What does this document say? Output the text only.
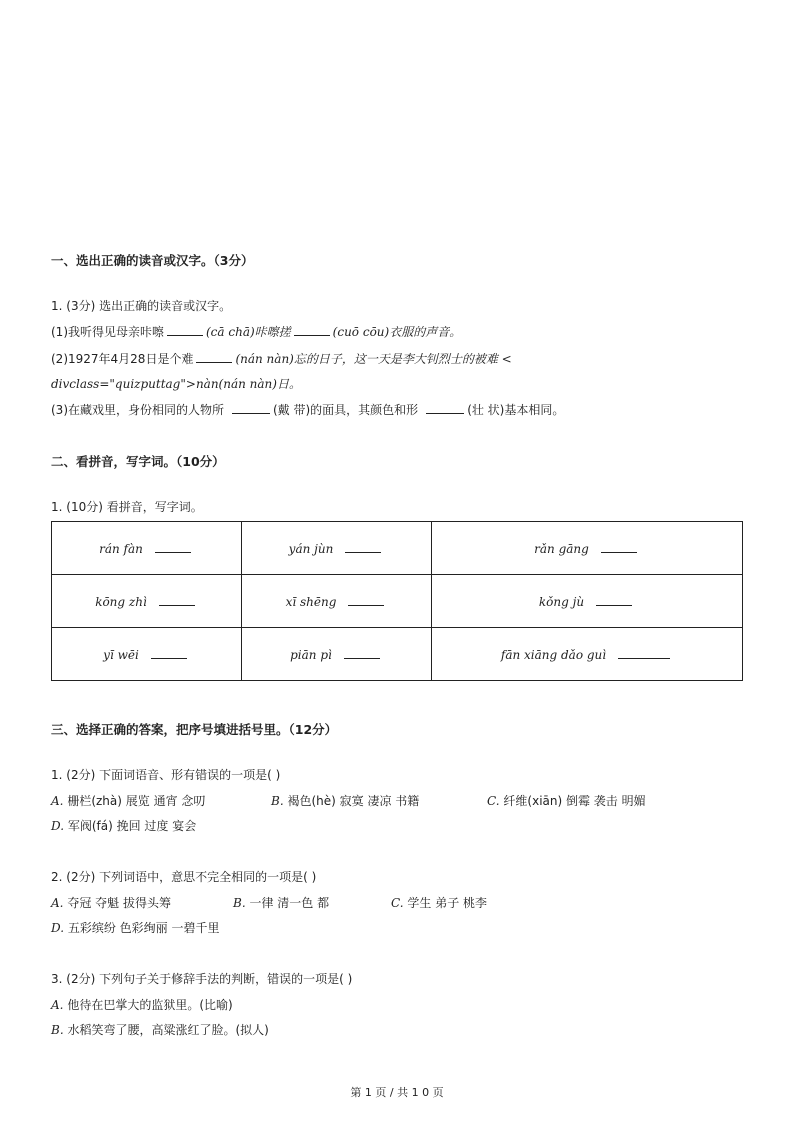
一、选出正确的读音或汉字。（3分）
1. (3分) 选出正确的读音或汉字。
(1)我听得见母亲咔嚓	(cā chā)咔嚓搓	(cuō cōu)衣服的声音。
(2)1927年4月28日是个难	(nán nàn)忘的日子，这一天是李大钊烈士的被难 <
divclass="quizputtag">nàn(nán nàn)日。
(3)在藏戏里，身份相同的人物所	(戴 带)的面具，其颜色和形	(壮 状)基本相同。
二、看拼音，写字词。（10分）
1. (10分) 看拼音，写字词。
rán fàn	yán jùn	rǎn gāng
kōng zhì	xī shēng	kǒng jù
yī wēi	piān pì	fān xiāng dǎo guì
三、选择正确的答案，把序号填进括号里。（12分）
1. (2分) 下面词语音、形有错误的一项是( )
A. 栅栏(zhà) 展览 通宵 念叨	B. 褐色(hè) 寂寞 凄凉 书籍	C. 纤维(xiān) 倒霉 袭击 明媚
D. 军阀(fá) 挽回 过度 宴会
2. (2分) 下列词语中，意思不完全相同的一项是( )
A. 夺冠 夺魁 拔得头筹	B. 一律 清一色 都	C. 学生 弟子 桃李
D. 五彩缤纷 色彩绚丽 一碧千里
3. (2分) 下列句子关于修辞手法的判断，错误的一项是( )
A. 他待在巴掌大的监狱里。(比喻)
B. 水稻笑弯了腰，高粱涨红了脸。(拟人)
第 1 页 / 共 1 0 页
